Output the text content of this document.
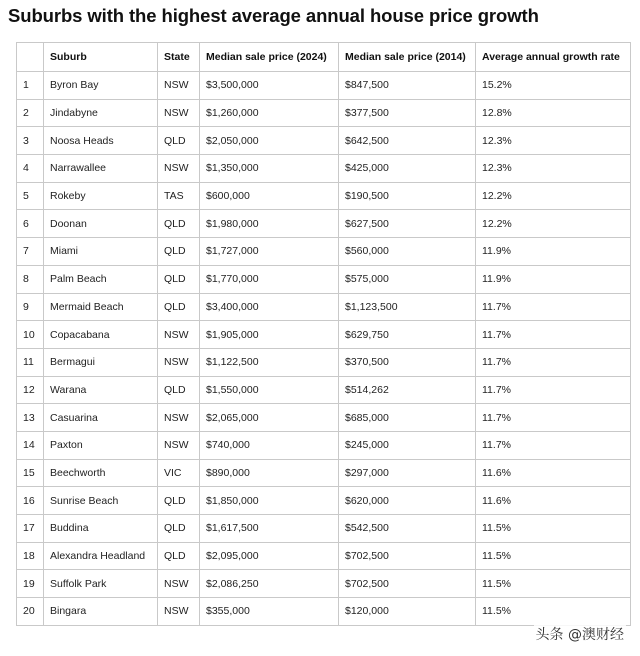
Suburbs with the highest average annual house price growth
	Suburb	State	Median sale price (2024)	Median sale price (2014)	Average annual growth rate
1	Byron Bay	NSW	$3,500,000	$847,500	15.2%
2	Jindabyne	NSW	$1,260,000	$377,500	12.8%
3	Noosa Heads	QLD	$2,050,000	$642,500	12.3%
4	Narrawallee	NSW	$1,350,000	$425,000	12.3%
5	Rokeby	TAS	$600,000	$190,500	12.2%
6	Doonan	QLD	$1,980,000	$627,500	12.2%
7	Miami	QLD	$1,727,000	$560,000	11.9%
8	Palm Beach	QLD	$1,770,000	$575,000	11.9%
9	Mermaid Beach	QLD	$3,400,000	$1,123,500	11.7%
10	Copacabana	NSW	$1,905,000	$629,750	11.7%
11	Bermagui	NSW	$1,122,500	$370,500	11.7%
12	Warana	QLD	$1,550,000	$514,262	11.7%
13	Casuarina	NSW	$2,065,000	$685,000	11.7%
14	Paxton	NSW	$740,000	$245,000	11.7%
15	Beechworth	VIC	$890,000	$297,000	11.6%
16	Sunrise Beach	QLD	$1,850,000	$620,000	11.6%
17	Buddina	QLD	$1,617,500	$542,500	11.5%
18	Alexandra Headland	QLD	$2,095,000	$702,500	11.5%
19	Suffolk Park	NSW	$2,086,250	$702,500	11.5%
20	Bingara	NSW	$355,000	$120,000	11.5%
头条 @澳财经
